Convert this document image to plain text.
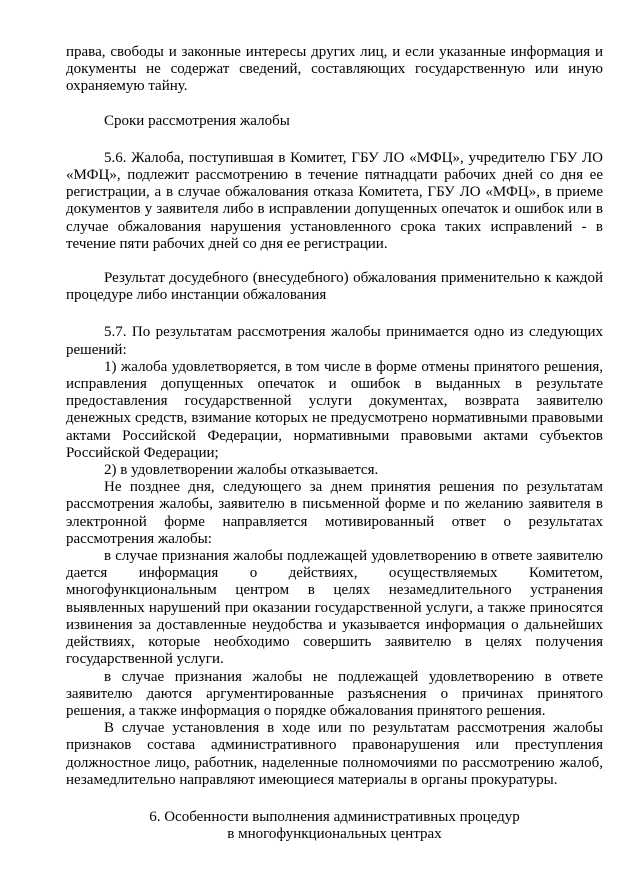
права, свободы и законные интересы других лиц, и если указанные информация и документы не содержат сведений, составляющих государственную или иную охраняемую тайну.

Сроки рассмотрения жалобы

5.6. Жалоба, поступившая в Комитет, ГБУ ЛО «МФЦ», учредителю ГБУ ЛО «МФЦ», подлежит рассмотрению в течение пятнадцати рабочих дней со дня ее регистрации, а в случае обжалования отказа Комитета, ГБУ ЛО «МФЦ», в приеме документов у заявителя либо в исправлении допущенных опечаток и ошибок или в случае обжалования нарушения установленного срока таких исправлений - в течение пяти рабочих дней со дня ее регистрации.

Результат досудебного (внесудебного) обжалования применительно к каждой процедуре либо инстанции обжалования

5.7. По результатам рассмотрения жалобы принимается одно из следующих решений:

1) жалоба удовлетворяется, в том числе в форме отмены принятого решения, исправления допущенных опечаток и ошибок в выданных в результате предоставления государственной услуги документах, возврата заявителю денежных средств, взимание которых не предусмотрено нормативными правовыми актами Российской Федерации, нормативными правовыми актами субъектов Российской Федерации;

2) в удовлетворении жалобы отказывается.

Не позднее дня, следующего за днем принятия решения по результатам рассмотрения жалобы, заявителю в письменной форме и по желанию заявителя в электронной форме направляется мотивированный ответ о результатах рассмотрения жалобы:

в случае признания жалобы подлежащей удовлетворению в ответе заявителю дается информация о действиях, осуществляемых Комитетом, многофункциональным центром в целях незамедлительного устранения выявленных нарушений при оказании государственной услуги, а также приносятся извинения за доставленные неудобства и указывается информация о дальнейших действиях, которые необходимо совершить заявителю в целях получения государственной услуги.

в случае признания жалобы не подлежащей удовлетворению в ответе заявителю даются аргументированные разъяснения о причинах принятого решения, а также информация о порядке обжалования принятого решения.

В случае установления в ходе или по результатам рассмотрения жалобы признаков состава административного правонарушения или преступления должностное лицо, работник, наделенные полномочиями по рассмотрению жалоб, незамедлительно направляют имеющиеся материалы в органы прокуратуры.

6. Особенности выполнения административных процедур

в многофункциональных центрах
